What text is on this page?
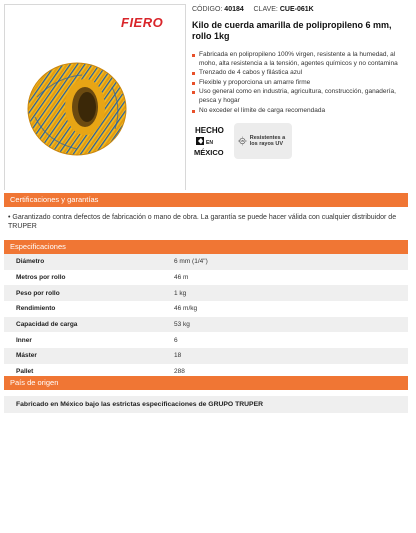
FIERO
CÓDIGO: 40184 CLAVE: CUE-061K
Kilo de cuerda amarilla de polipropileno 6 mm, rollo 1kg
Fabricada en polipropileno 100% virgen, resistente a la humedad, al moho, alta resistencia a la tensión, agentes químicos y no contamina
Trenzado de 4 cabos y filástica azul
Flexible y proporciona un amarre firme
Uso general como en industria, agricultura, construcción, ganadería, pesca y hogar
No exceder el límite de carga recomendada
HECHO
EN
MÉXICO
UV
Resistentes a los rayos UV
Certificaciones y garantías
• Garantizado contra defectos de fabricación o mano de obra. La garantía se puede hacer válida con cualquier distribuidor de TRUPER
Especificaciones
Diámetro	6 mm (1/4")
Metros por rollo	46 m
Peso por rollo	1 kg
Rendimiento	46 m/kg
Capacidad de carga	53 kg
Inner	6
Máster	18
Pallet	288
País de origen
Fabricado en México bajo las estrictas especificaciones de GRUPO TRUPER
